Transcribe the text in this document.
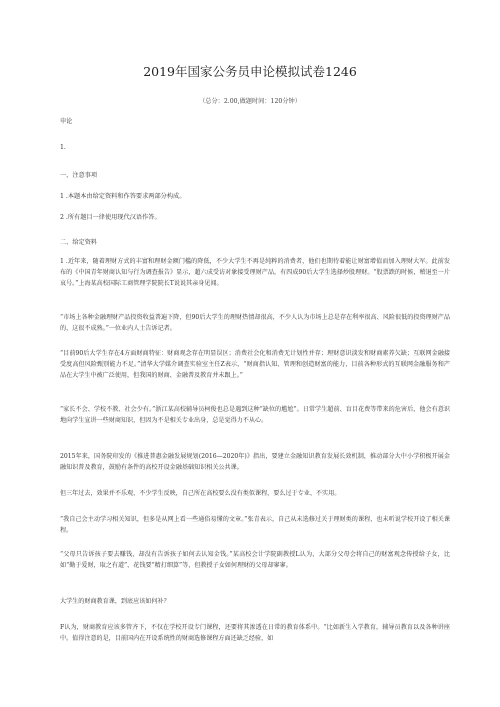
2019年国家公务员申论模拟试卷1246
（总分：2.00,做题时间：120分钟）
申论
1.
一、注意事项
1 .本题本由给定资料和作答要求两部分构成。
2 .所有题目一律使用现代汉语作答。
二、给定资料
1 .近年来，随着理财方式的丰富和理财金额门槛的降低，不少大学生不再是纯粹的消费者，他们也期待着能让财富增值而加入理财大军。此前发布的《中国青年财商认知与行为调查报告》显示，超六成受访对象接受理财产品，有四成90后大学生选择炒股理财。“股票跌的时候，稽退至一片哀号。”上海某高校国际工商管理学院院长T说说其亲身见闻。
“市场上各种金融理财产品投资收益普遍下降，但90后大学生的理财热情却很高，不少人认为市场上总是存在利率很高、风险很低的投资理财产品的，这很不成熟。”一位业内人士告诉记者。
“目前90后大学生存在4方面财商特征：财商观念存在明显误区；消费社会化和消费无计划性并存；理财意识淡发和财商素养欠缺；互联网金融接受度高但风险甄别能力不足。”清华大学媒介调查实验室主任Z表示，“财商指认知、管理和创造财富的能力，目前各种形式的互联网金融服务和产品在大学生中被广泛使用，但我国的财商、金融普及教育并未跟上。”
“家长不会、学校不教、社会少有。”浙江某高校辅导员柯俊也总是遇到这种“缺位的尴尬”。日常学生超前、盲目花费等带来的危害后，他会有意识地向学生宣讲一些财商知识，但因为不是相关专业出身，总是觉得力不从心。
2015年来，国务院印发的《推进普惠金融发展规划(2016—2020年)》指出，要建立金融知识教育发展长效机制，推动部分大中小学积极开展金融知识普及教育，鼓励有条件的高校开设金融基础知识相关公共课。
但三年过去，效果并不乐观，不少学生反映，自己所在高校要么没有类似课程，要么过于专业、不实用。
“我自己会主动学习相关知识，但多是从网上看一些通俗易懂的文章。”张青表示，自己从未选修过关于理财类的课程，也未听说学校开设了相关课程。
“父母只告诉孩子要去赚钱，却没有告诉孩子如何去认知金钱。”某高校会计学院副教授L认为，大部分父母会将自己的财富观念传授给子女，比如“勤于爱财，取之有道”、花钱要“精打细算”等，但教授子女如何理财的父母却寥寥。
大学生的财商教育课，到底应该如何补？
F认为，财商教育应该多管齐下，不仅在学校开设专门课程，还要将其渗透在日常的教育体系中。“比如新生入学教育，辅导员教育以及各种讲座中。值得注意的是，目前国内在开设系统性的财商选修课程方面还缺乏经验，如
